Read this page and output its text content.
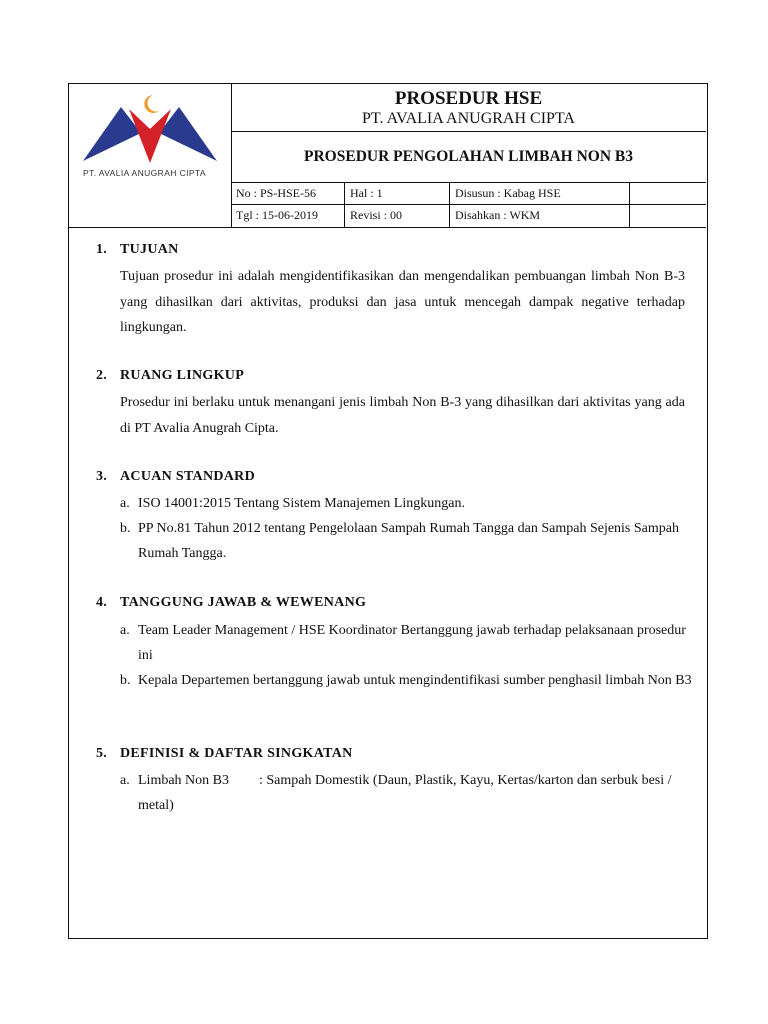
PT. AVALIA ANUGRAH CIPTA
PROSEDUR HSE
PT. AVALIA ANUGRAH CIPTA
PROSEDUR PENGOLAHAN LIMBAH NON B3
No : PS-HSE-56	Hal : 1	Disusun : Kabag HSE
Tgl : 15-06-2019	Revisi : 00	Disahkan : WKM
1. TUJUAN
Tujuan prosedur ini adalah mengidentifikasikan dan mengendalikan pembuangan limbah Non B-3 yang dihasilkan dari aktivitas, produksi dan jasa untuk mencegah dampak negative terhadap lingkungan.
2. RUANG LINGKUP
Prosedur ini berlaku untuk menangani jenis limbah Non B-3 yang dihasilkan dari aktivitas yang ada di PT Avalia Anugrah Cipta.
3. ACUAN STANDARD
a. ISO 14001:2015 Tentang Sistem Manajemen Lingkungan.
b. PP No.81 Tahun 2012 tentang Pengelolaan Sampah Rumah Tangga dan Sampah Sejenis Sampah Rumah Tangga.
4. TANGGUNG JAWAB & WEWENANG
a. Team Leader Management / HSE Koordinator Bertanggung jawab terhadap pelaksanaan prosedur ini
b. Kepala Departemen bertanggung jawab untuk mengindentifikasi sumber penghasil limbah Non B3
5. DEFINISI & DAFTAR SINGKATAN
a. Limbah Non B3 : Sampah Domestik (Daun, Plastik, Kayu, Kertas/karton dan serbuk besi / metal)
